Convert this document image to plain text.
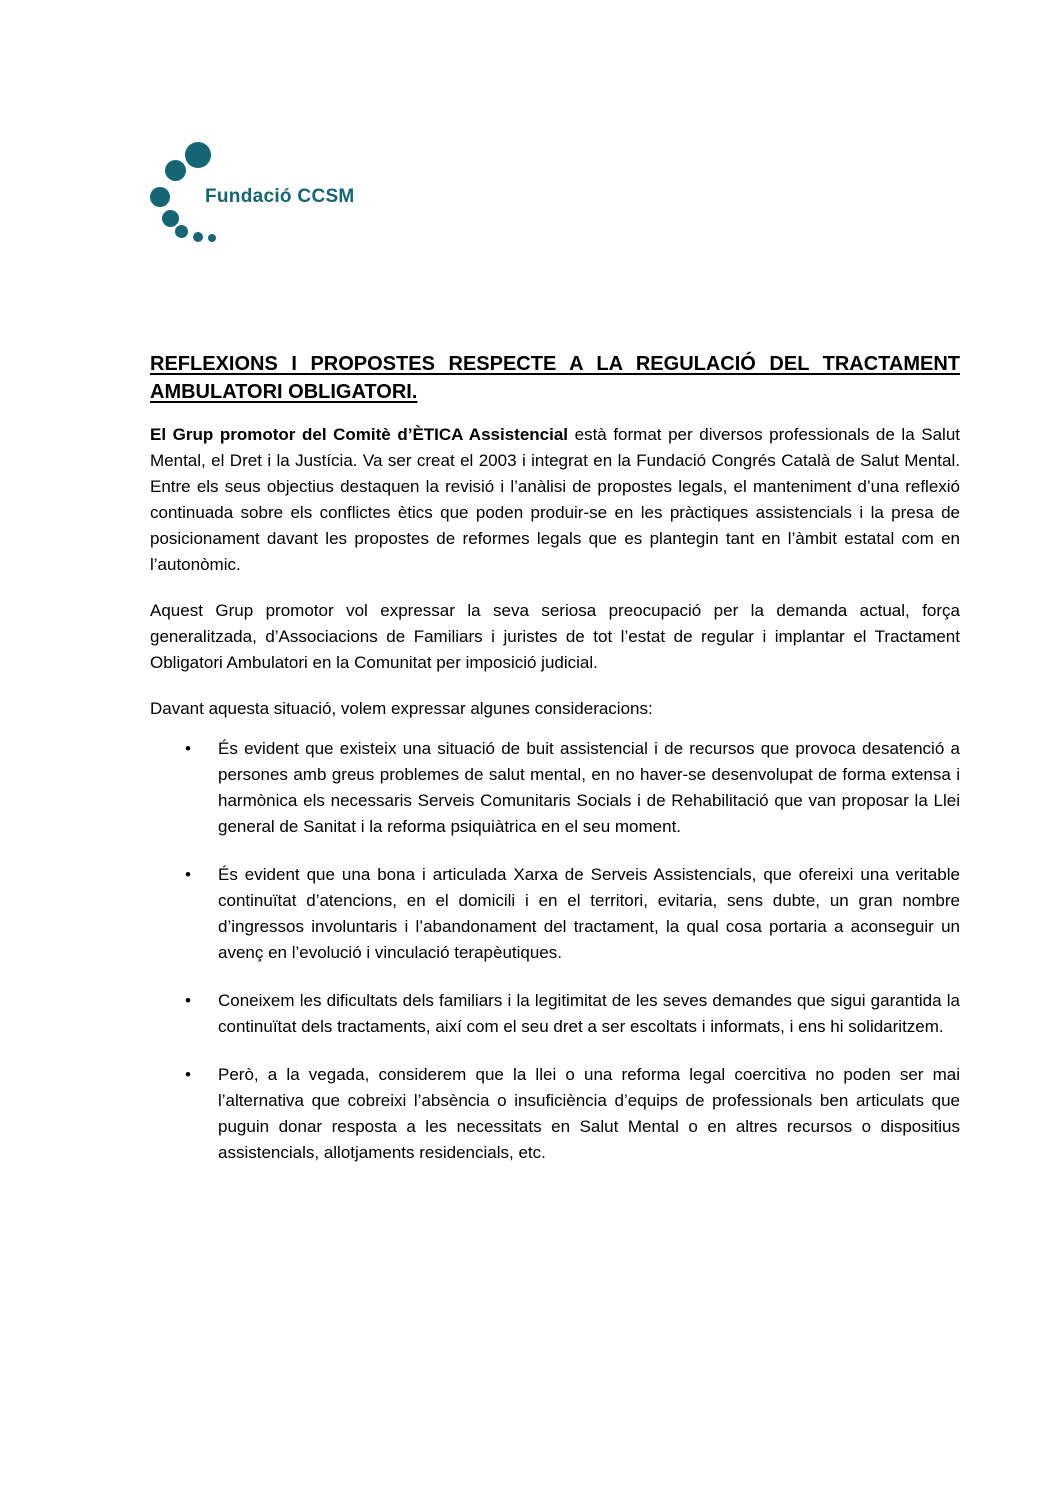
Fundació CCSM
REFLEXIONS I PROPOSTES RESPECTE A LA REGULACIÓ DEL TRACTAMENT AMBULATORI OBLIGATORI.

El Grup promotor del Comitè d’ÈTICA Assistencial està format per diversos professionals de la Salut Mental, el Dret i la Justícia. Va ser creat el 2003 i integrat en la Fundació Congrés Català de Salut Mental. Entre els seus objectius destaquen la revisió i l’anàlisi de propostes legals, el manteniment d’una reflexió continuada sobre els conflictes ètics que poden produir-se en les pràctiques assistencials i la presa de posicionament davant les propostes de reformes legals que es plantegin tant en l’àmbit estatal com en l’autonòmic.

Aquest Grup promotor vol expressar la seva seriosa preocupació per la demanda actual, força generalitzada, d’Associacions de Familiars i juristes de tot l’estat de regular i implantar el Tractament Obligatori Ambulatori en la Comunitat per imposició judicial.

Davant aquesta situació, volem expressar algunes consideracions:

• És evident que existeix una situació de buit assistencial i de recursos que provoca desatenció a persones amb greus problemes de salut mental, en no haver-se desenvolupat de forma extensa i harmònica els necessaris Serveis Comunitaris Socials i de Rehabilitació que van proposar la Llei general de Sanitat i la reforma psiquiàtrica en el seu moment.
• És evident que una bona i articulada Xarxa de Serveis Assistencials, que ofereixi una veritable continuïtat d’atencions, en el domicili i en el territori, evitaria, sens dubte, un gran nombre d’ingressos involuntaris i l’abandonament del tractament, la qual cosa portaria a aconseguir un avenç en l’evolució i vinculació terapèutiques.
• Coneixem les dificultats dels familiars i la legitimitat de les seves demandes que sigui garantida la continuïtat dels tractaments, així com el seu dret a ser escoltats i informats, i ens hi solidaritzem.
• Però, a la vegada, considerem que la llei o una reforma legal coercitiva no poden ser mai l’alternativa que cobreixi l’absència o insuficiència d’equips de professionals ben articulats que puguin donar resposta a les necessitats en Salut Mental o en altres recursos o dispositius assistencials, allotjaments residencials, etc.
